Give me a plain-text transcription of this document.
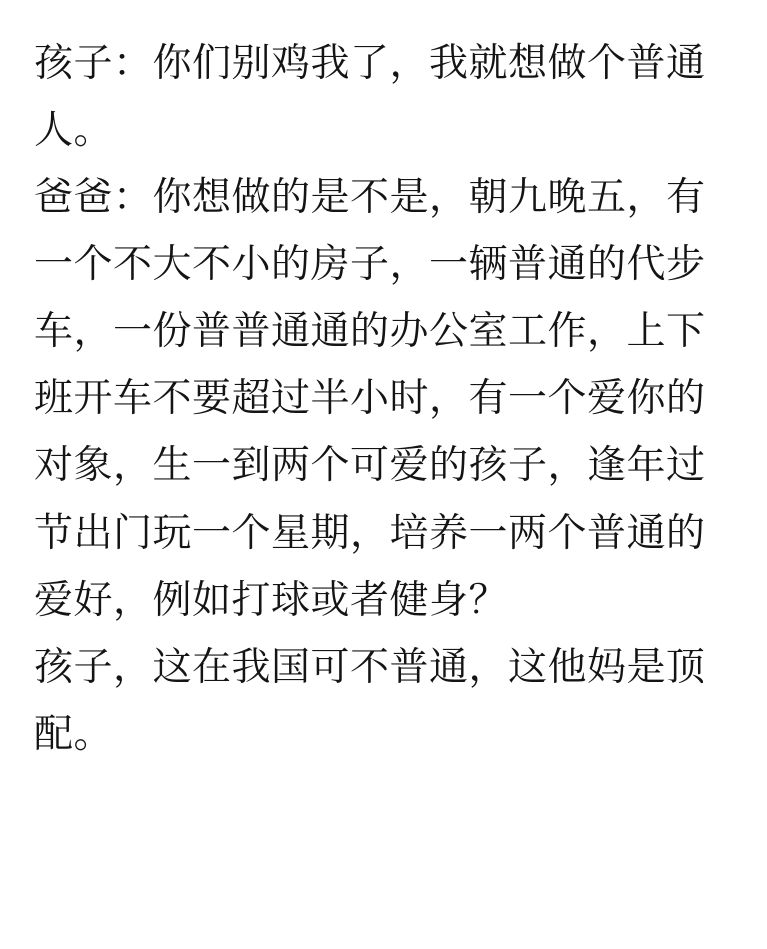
孩子：你们别鸡我了，我就想做个普通人。

爸爸：你想做的是不是，朝九晚五，有一个不大不小的房子，一辆普通的代步车，一份普普通通的办公室工作，上下班开车不要超过半小时，有一个爱你的对象，生一到两个可爱的孩子，逢年过节出门玩一个星期，培养一两个普通的爱好，例如打球或者健身？

孩子，这在我国可不普通，这他妈是顶配。
